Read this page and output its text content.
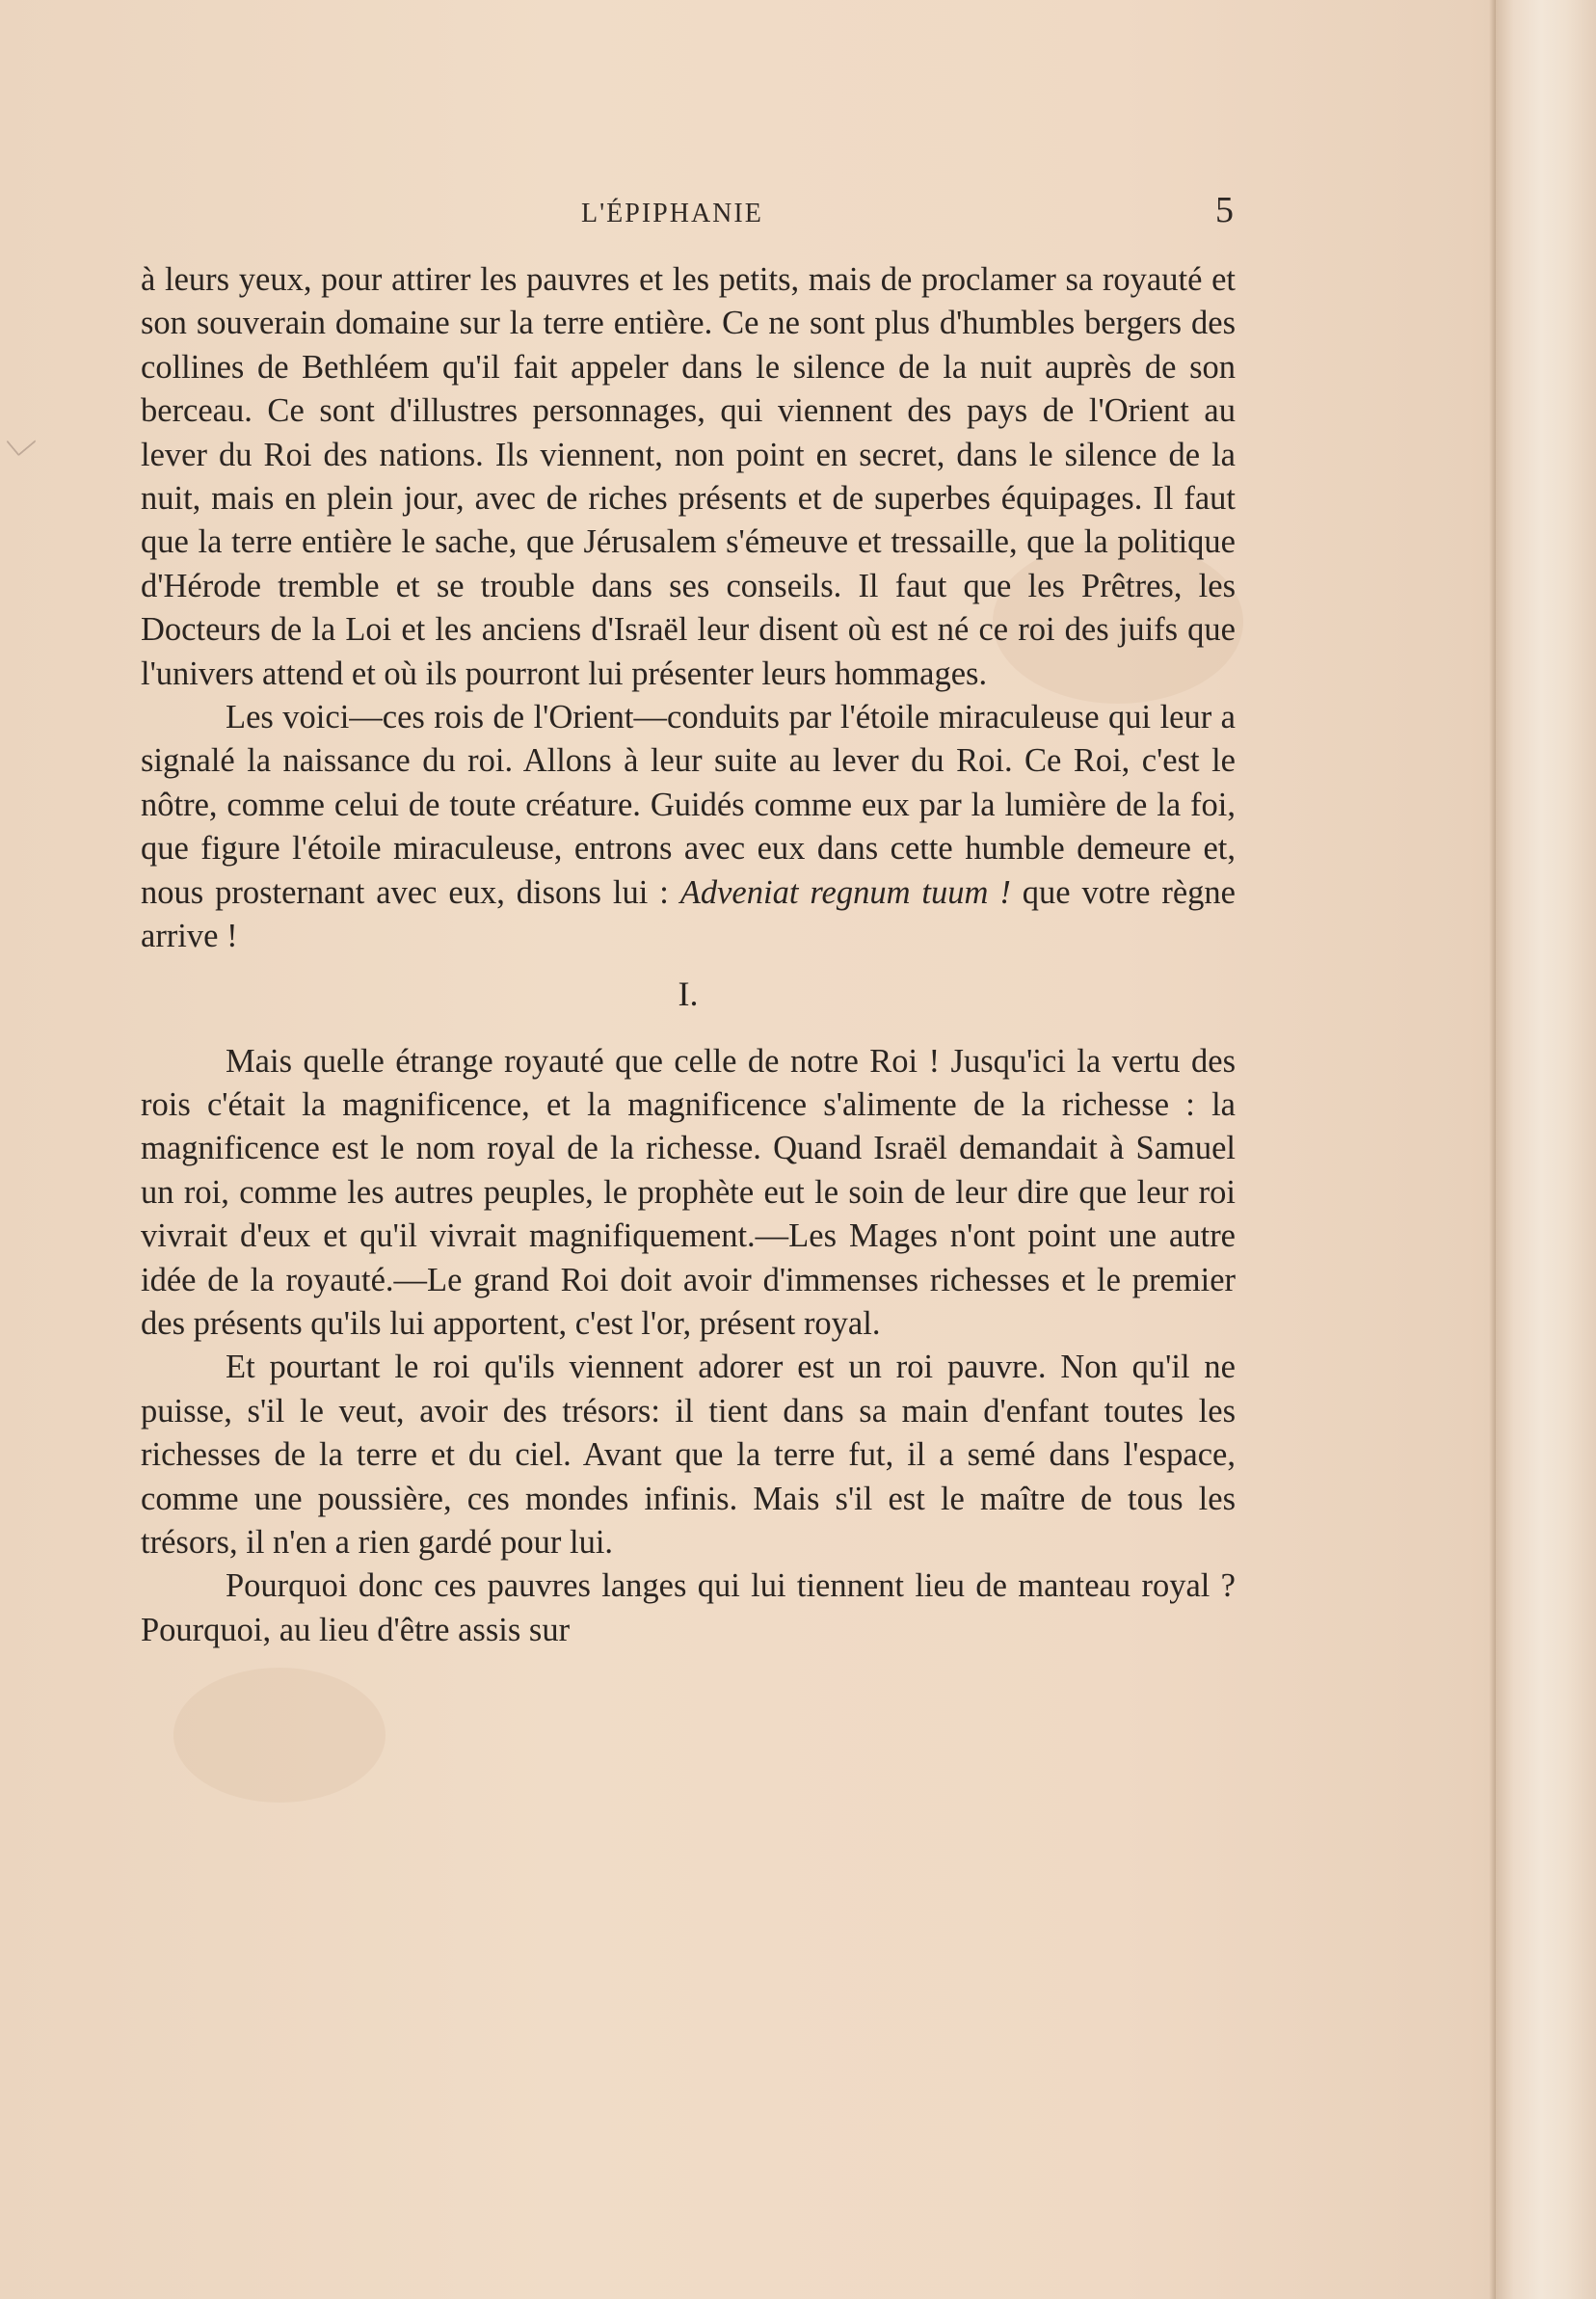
L'ÉPIPHANIE	5

à leurs yeux, pour attirer les pauvres et les petits, mais de proclamer sa royauté et son souverain domaine sur la terre entière. Ce ne sont plus d'humbles bergers des collines de Bethléem qu'il fait appeler dans le silence de la nuit auprès de son berceau. Ce sont d'illustres personnages, qui viennent des pays de l'Orient au lever du Roi des nations. Ils viennent, non point en secret, dans le silence de la nuit, mais en plein jour, avec de riches présents et de superbes équipages. Il faut que la terre entière le sache, que Jérusalem s'émeuve et tressaille, que la politique d'Hérode tremble et se trouble dans ses conseils. Il faut que les Prêtres, les Docteurs de la Loi et les anciens d'Israël leur disent où est né ce roi des juifs que l'univers attend et où ils pourront lui présenter leurs hommages.

Les voici—ces rois de l'Orient—conduits par l'étoile miraculeuse qui leur a signalé la naissance du roi. Allons à leur suite au lever du Roi. Ce Roi, c'est le nôtre, comme celui de toute créature. Guidés comme eux par la lumière de la foi, que figure l'étoile miraculeuse, entrons avec eux dans cette humble demeure et, nous prosternant avec eux, disons lui : Adveniat regnum tuum ! que votre règne arrive !

I.

Mais quelle étrange royauté que celle de notre Roi ! Jusqu'ici la vertu des rois c'était la magnificence, et la magnificence s'alimente de la richesse : la magnificence est le nom royal de la richesse. Quand Israël demandait à Samuel un roi, comme les autres peuples, le prophète eut le soin de leur dire que leur roi vivrait d'eux et qu'il vivrait magnifiquement.—Les Mages n'ont point une autre idée de la royauté.—Le grand Roi doit avoir d'immenses richesses et le premier des présents qu'ils lui apportent, c'est l'or, présent royal.

Et pourtant le roi qu'ils viennent adorer est un roi pauvre. Non qu'il ne puisse, s'il le veut, avoir des trésors: il tient dans sa main d'enfant toutes les richesses de la terre et du ciel. Avant que la terre fut, il a semé dans l'espace, comme une poussière, ces mondes infinis. Mais s'il est le maître de tous les trésors, il n'en a rien gardé pour lui.

Pourquoi donc ces pauvres langes qui lui tiennent lieu de manteau royal ? Pourquoi, au lieu d'être assis sur
